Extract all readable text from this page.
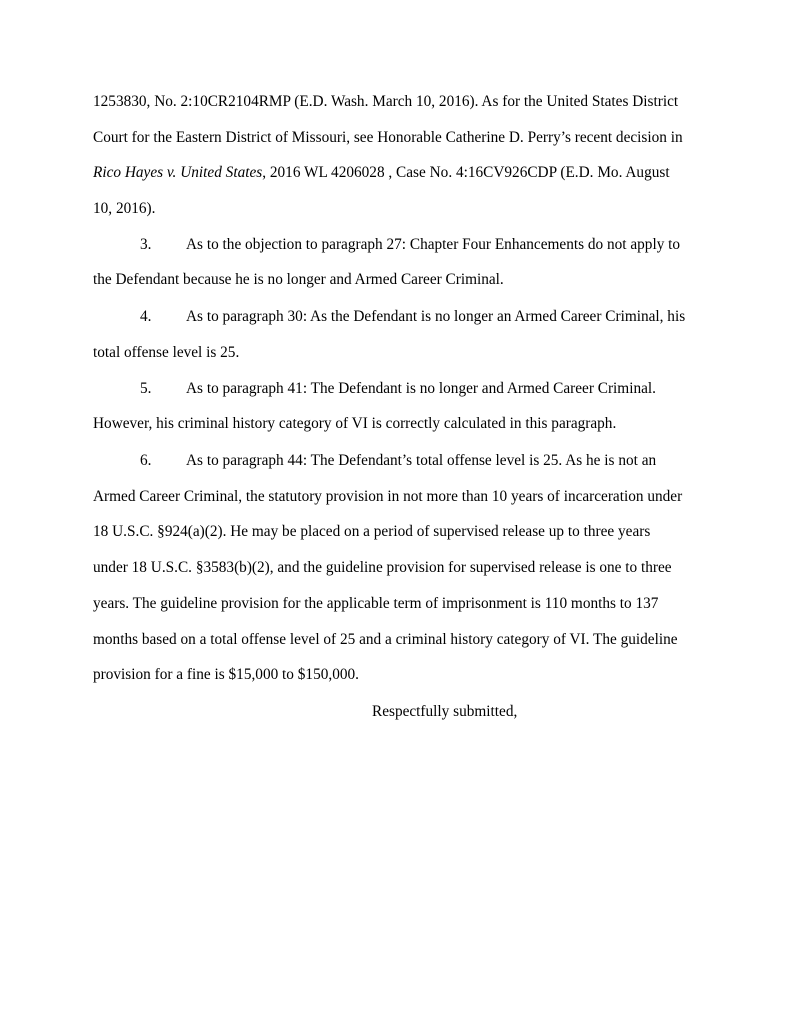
1253830, No. 2:10CR2104RMP (E.D. Wash. March 10, 2016). As for the United States District
Court for the Eastern District of Missouri, see Honorable Catherine D. Perry’s recent decision in
Rico Hayes v. United States, 2016 WL 4206028 , Case No. 4:16CV926CDP (E.D. Mo. August
10, 2016).
3. As to the objection to paragraph 27: Chapter Four Enhancements do not apply to
the Defendant because he is no longer and Armed Career Criminal.
4. As to paragraph 30: As the Defendant is no longer an Armed Career Criminal, his
total offense level is 25.
5. As to paragraph 41: The Defendant is no longer and Armed Career Criminal.
However, his criminal history category of VI is correctly calculated in this paragraph.
6. As to paragraph 44: The Defendant’s total offense level is 25. As he is not an
Armed Career Criminal, the statutory provision in not more than 10 years of incarceration under
18 U.S.C. §924(a)(2). He may be placed on a period of supervised release up to three years
under 18 U.S.C. §3583(b)(2), and the guideline provision for supervised release is one to three
years. The guideline provision for the applicable term of imprisonment is 110 months to 137
months based on a total offense level of 25 and a criminal history category of VI. The guideline
provision for a fine is $15,000 to $150,000.
Respectfully submitted,
